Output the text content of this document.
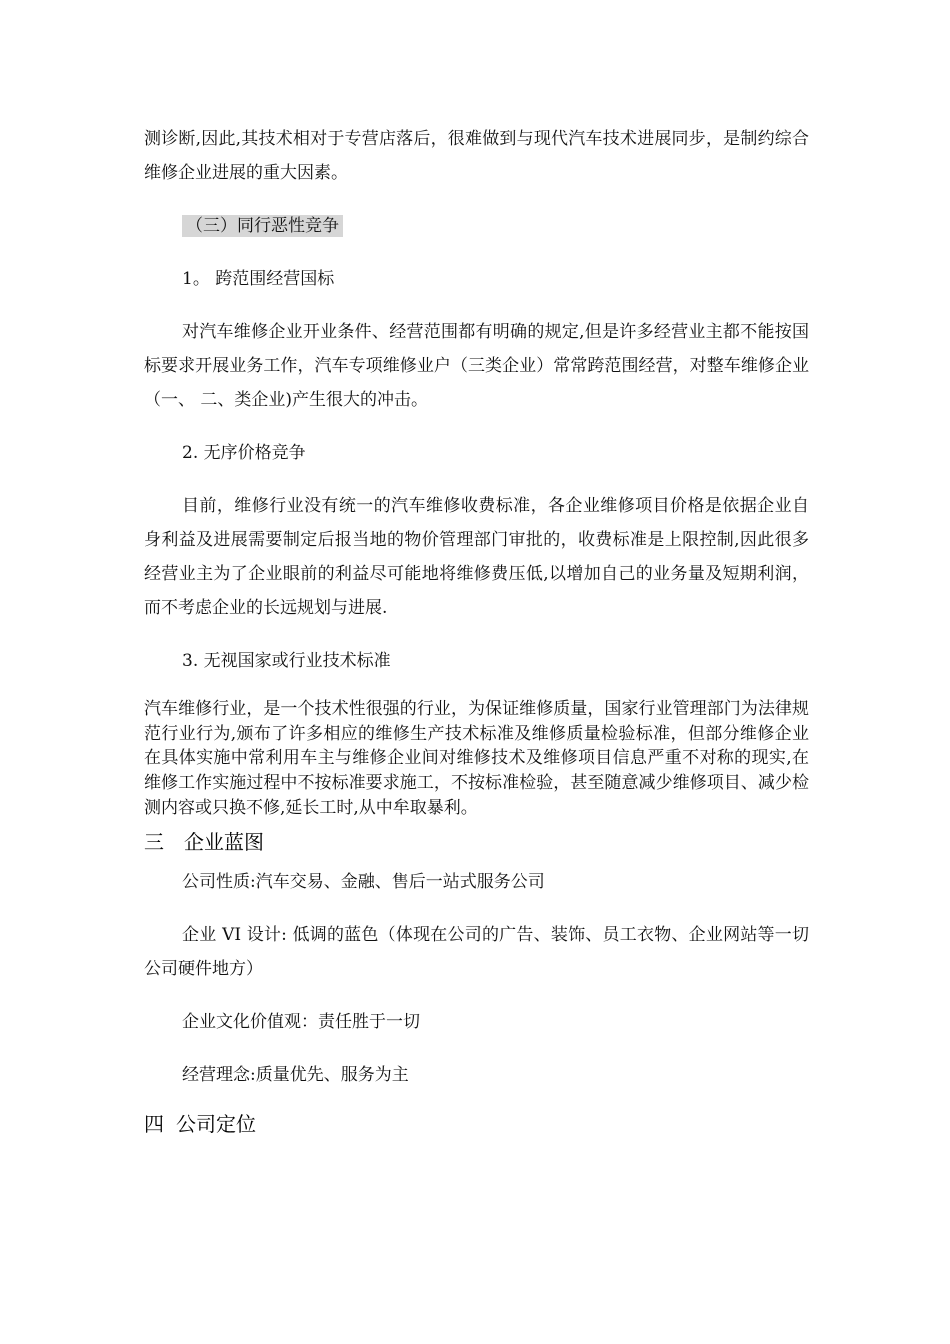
测诊断,因此,其技术相对于专营店落后，很难做到与现代汽车技术进展同步，是制约综合维修企业进展的重大因素。

（三）同行恶性竞争

1。 跨范围经营国标

对汽车维修企业开业条件、经营范围都有明确的规定,但是许多经营业主都不能按国标要求开展业务工作，汽车专项维修业户（三类企业）常常跨范围经营，对整车维修企业（一、 二、类企业)产生很大的冲击。

2. 无序价格竞争

目前，维修行业没有统一的汽车维修收费标准，各企业维修项目价格是依据企业自身利益及进展需要制定后报当地的物价管理部门审批的，收费标准是上限控制,因此很多经营业主为了企业眼前的利益尽可能地将维修费压低,以增加自己的业务量及短期利润，而不考虑企业的长远规划与进展.

3. 无视国家或行业技术标准

汽车维修行业，是一个技术性很强的行业，为保证维修质量，国家行业管理部门为法律规范行业行为,颁布了许多相应的维修生产技术标准及维修质量检验标准，但部分维修企业在具体实施中常利用车主与维修企业间对维修技术及维修项目信息严重不对称的现实,在维修工作实施过程中不按标准要求施工，不按标准检验，甚至随意减少维修项目、减少检测内容或只换不修,延长工时,从中牟取暴利。

三 企业蓝图

公司性质:汽车交易、金融、售后一站式服务公司

企业 VI 设计: 低调的蓝色（体现在公司的广告、装饰、员工衣物、企业网站等一切公司硬件地方）

企业文化价值观：责任胜于一切

经营理念:质量优先、服务为主

四 公司定位
